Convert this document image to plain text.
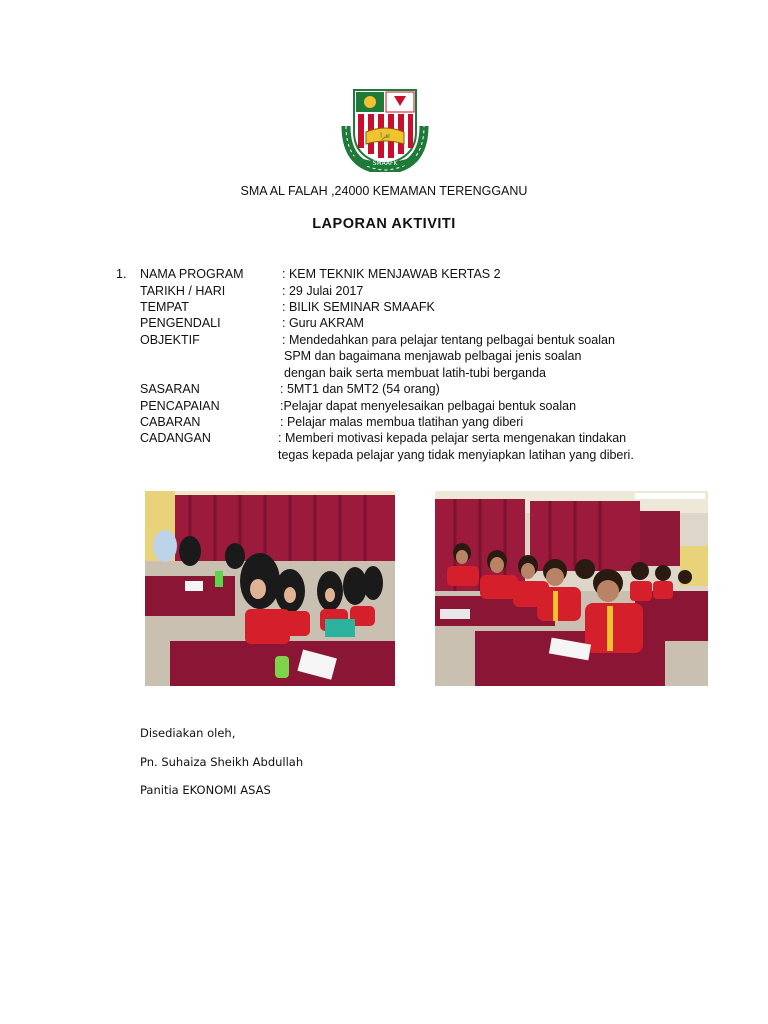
اقرأ
SMAAFK
SMA AL FALAH ,24000 KEMAMAN TERENGGANU
LAPORAN AKTIVITI
1. NAMA PROGRAM
TARIKH / HARI
TEMPAT
PENGENDALI
OBJEKTIF
SASARAN
PENCAPAIAN
CABARAN
CADANGAN
: KEM TEKNIK MENJAWAB KERTAS 2
: 29 Julai 2017
: BILIK SEMINAR SMAAFK
: Guru AKRAM
: Mendedahkan para pelajar tentang pelbagai bentuk soalan
SPM dan bagaimana menjawab pelbagai jenis soalan
dengan baik serta membuat latih-tubi berganda
: 5MT1 dan 5MT2 (54 orang)
:Pelajar dapat menyelesaikan pelbagai bentuk soalan
: Pelajar malas membua tlatihan yang diberi
: Memberi motivasi kepada pelajar serta mengenakan tindakan
tegas kepada pelajar yang tidak menyiapkan latihan yang diberi.
Disediakan oleh,
Pn. Suhaiza Sheikh Abdullah
Panitia EKONOMI ASAS
